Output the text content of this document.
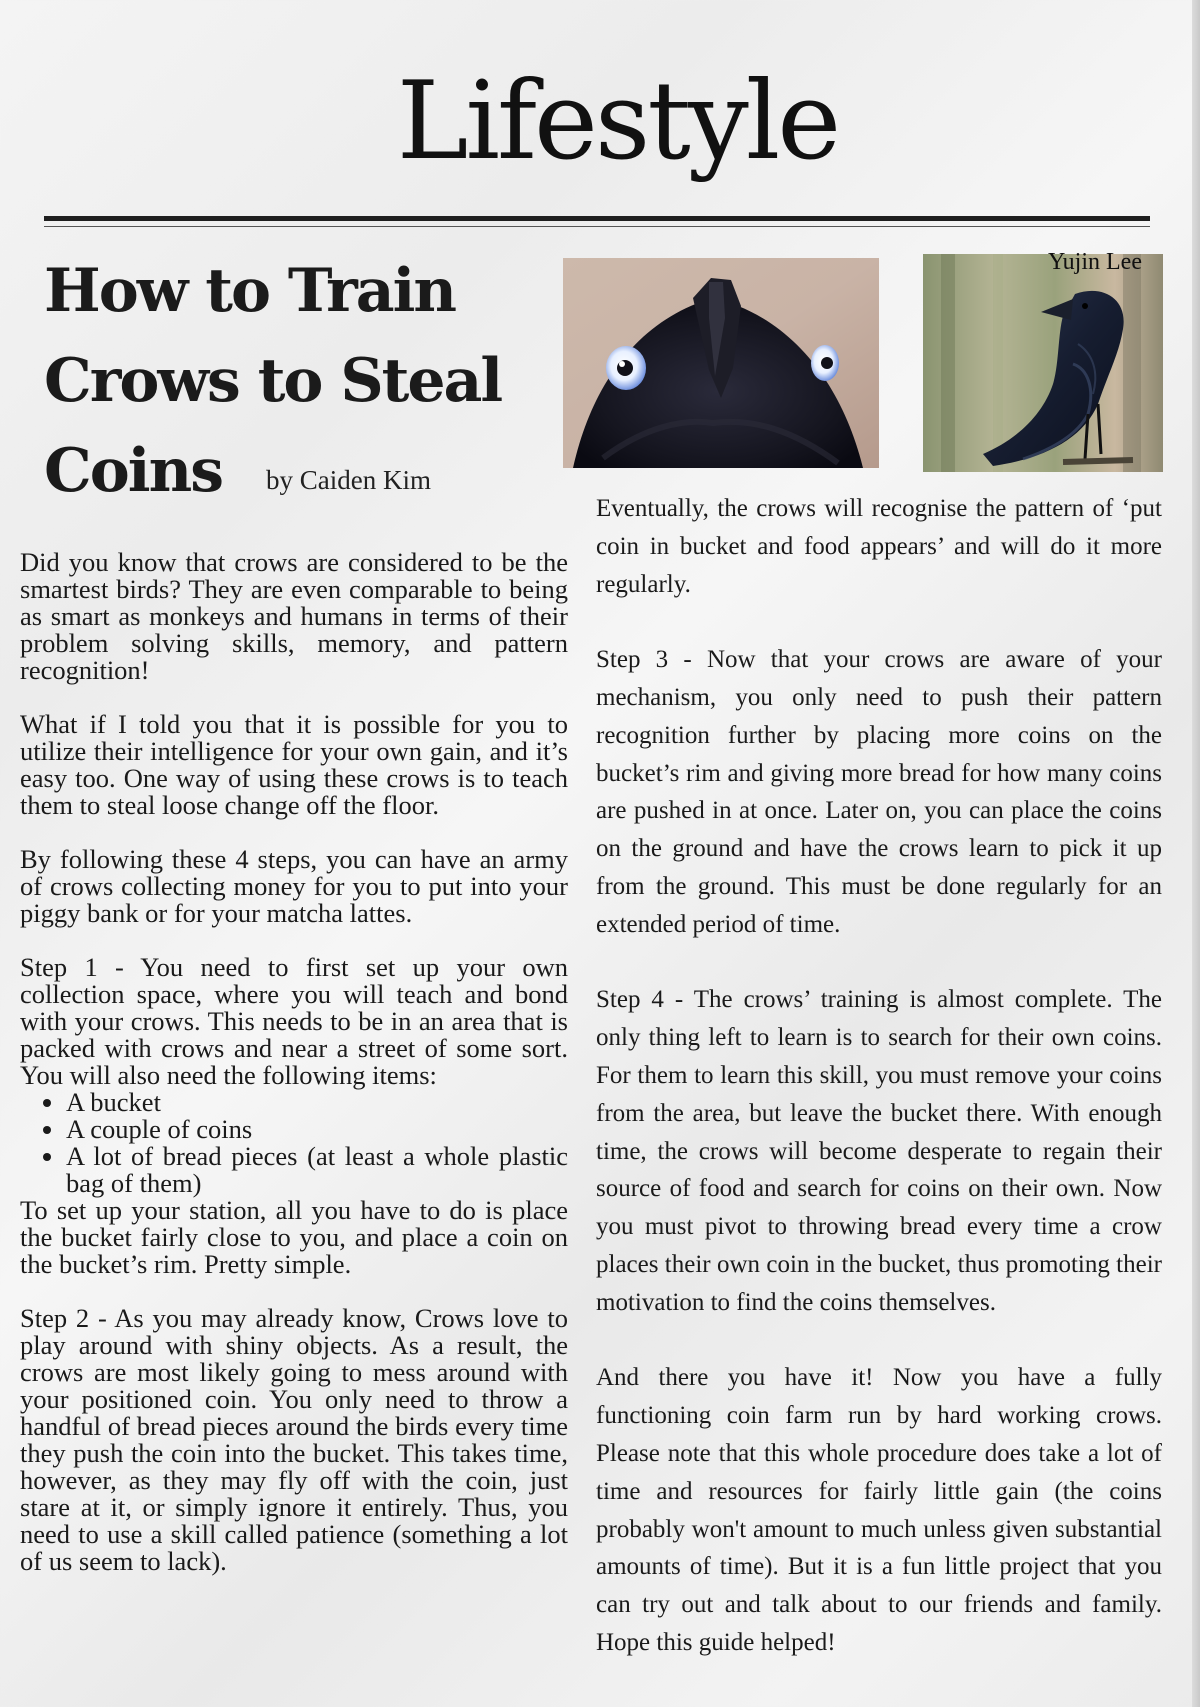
Lifestyle
How to Train
Crows to Steal
Coins	by Caiden Kim
Yujin Lee

Did you know that crows are considered to be the smartest birds? They are even comparable to being as smart as monkeys and humans in terms of their problem solving skills, memory, and pattern recognition!

What if I told you that it is possible for you to utilize their intelligence for your own gain, and it’s easy too. One way of using these crows is to teach them to steal loose change off the floor.

By following these 4 steps, you can have an army of crows collecting money for you to put into your piggy bank or for your matcha lattes.

Step 1 - You need to first set up your own collection space, where you will teach and bond with your crows. This needs to be in an area that is packed with crows and near a street of some sort. You will also need the following items:
• A bucket
• A couple of coins
• A lot of bread pieces (at least a whole plastic bag of them)
To set up your station, all you have to do is place the bucket fairly close to you, and place a coin on the bucket’s rim. Pretty simple.

Step 2 - As you may already know, Crows love to play around with shiny objects. As a result, the crows are most likely going to mess around with your positioned coin. You only need to throw a handful of bread pieces around the birds every time they push the coin into the bucket. This takes time, however, as they may fly off with the coin, just stare at it, or simply ignore it entirely. Thus, you need to use a skill called patience (something a lot of us seem to lack).

Eventually, the crows will recognise the pattern of ‘put coin in bucket and food appears’ and will do it more regularly.

Step 3 - Now that your crows are aware of your mechanism, you only need to push their pattern recognition further by placing more coins on the bucket’s rim and giving more bread for how many coins are pushed in at once. Later on, you can place the coins on the ground and have the crows learn to pick it up from the ground. This must be done regularly for an extended period of time.

Step 4 - The crows’ training is almost complete. The only thing left to learn is to search for their own coins. For them to learn this skill, you must remove your coins from the area, but leave the bucket there. With enough time, the crows will become desperate to regain their source of food and search for coins on their own. Now you must pivot to throwing bread every time a crow places their own coin in the bucket, thus promoting their motivation to find the coins themselves.

And there you have it! Now you have a fully functioning coin farm run by hard working crows. Please note that this whole procedure does take a lot of time and resources for fairly little gain (the coins probably won't amount to much unless given substantial amounts of time). But it is a fun little project that you can try out and talk about to our friends and family. Hope this guide helped!
